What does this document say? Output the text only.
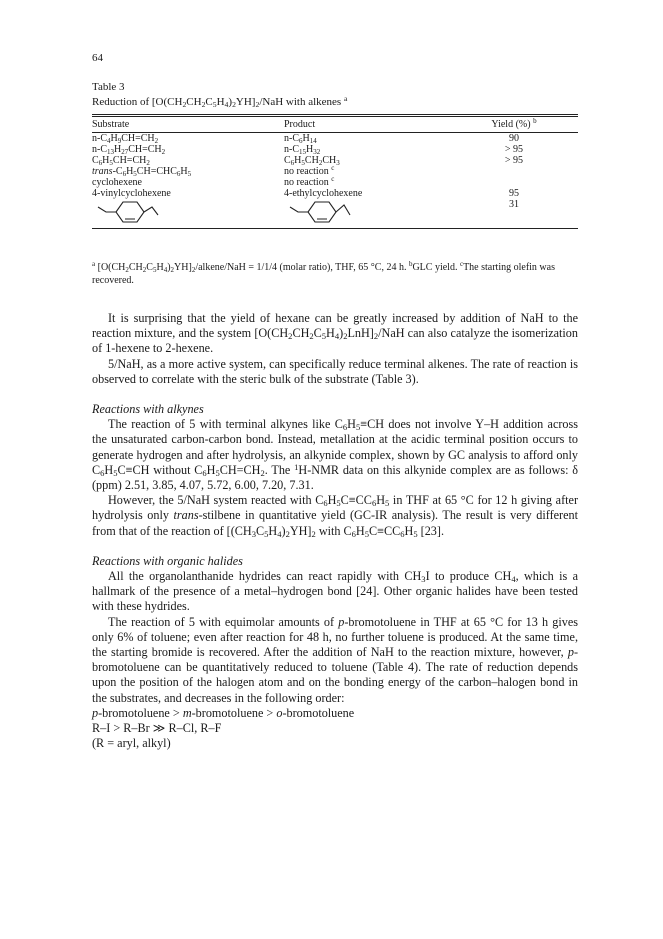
64
Table 3
Reduction of $[O(CH_2CH_2C_5H_4)_2YH]_2$/NaH with alkenes $^a$
Substrate	Product	Yield (%) $^b$

$n-C_4H_9CH=CH_2$	$n-C_6H_{14}$	90
$n-C_{13}H_{27}CH=CH_2$	$n-C_{15}H_{32}$	> 95
$C_6H_5CH=CH_2$	$C_6H_5CH_2CH_3$	> 95
trans-$C_6H_5CH=CHC_6H_5$	no reaction $^c$	
cyclohexene	no reaction $^c$	
4-vinylcyclohexene	4-ethylcyclohexene	95
		31
$^a$ $[O(CH_2CH_2C_5H_4)_2YH]_2/alkene$/NaH = 1/1/4 (molar ratio), THF, 65 °C, 24 h. $^b$GLC yield. $^c$The starting olefin was recovered.

It is surprising that the yield of hexane can be greatly increased by addition of NaH to the reaction mixture, and the system $[O(CH_2CH_2C_5H_4)_2LnH]_2$/NaH can also catalyze the isomerization of 1-hexene to 2-hexene.

5/NaH, as a more active system, can specifically reduce terminal alkenes. The rate of reaction is observed to correlate with the steric bulk of the substrate (Table 3).

Reactions with alkynes

The reaction of 5 with terminal alkynes like $C_6H_5\equiv CH$ does not involve Y–H addition across the unsaturated carbon-carbon bond. Instead, metallation at the acidic terminal position occurs to generate hydrogen and after hydrolysis, an alkynide complex, shown by GC analysis to afford only $C_6H_5C\equiv CH$ without $C_6H_5CH=CH_2$. The $^1$H-NMR data on this alkynide complex are as follows: δ (ppm) 2.51, 3.85, 4.07, 5.72, 6.00, 7.20, 7.31.

However, the 5/NaH system reacted with $C_6H_5C\equiv CC_6H_5$ in THF at 65 °C for 12 h giving after hydrolysis only trans-stilbene in quantitative yield (GC-IR analysis). The result is very different from that of the reaction of $[(CH_3C_5H_4)_2YH]_2$ with $C_6H_5C\equiv CC_6H_5$ [23].

Reactions with organic halides

All the organolanthanide hydrides can react rapidly with $CH_3I$ to produce $CH_4$, which is a hallmark of the presence of a metal–hydrogen bond [24]. Other organic halides have been tested with these hydrides.

The reaction of 5 with equimolar amounts of p-bromotoluene in THF at 65 °C for 13 h gives only 6% of toluene; even after reaction for 48 h, no further toluene is produced. At the same time, the starting bromide is recovered. After the addition of NaH to the reaction mixture, however, p-bromotoluene can be quantitatively reduced to toluene (Table 4). The rate of reduction depends upon the position of the halogen atom and on the bonding energy of the carbon–halogen bond in the substrates, and decreases in the following order:

p-bromotoluene > m-bromotoluene > o-bromotoluene

R–I > R–Br ≫ R–Cl, R–F

(R = aryl, alkyl)
